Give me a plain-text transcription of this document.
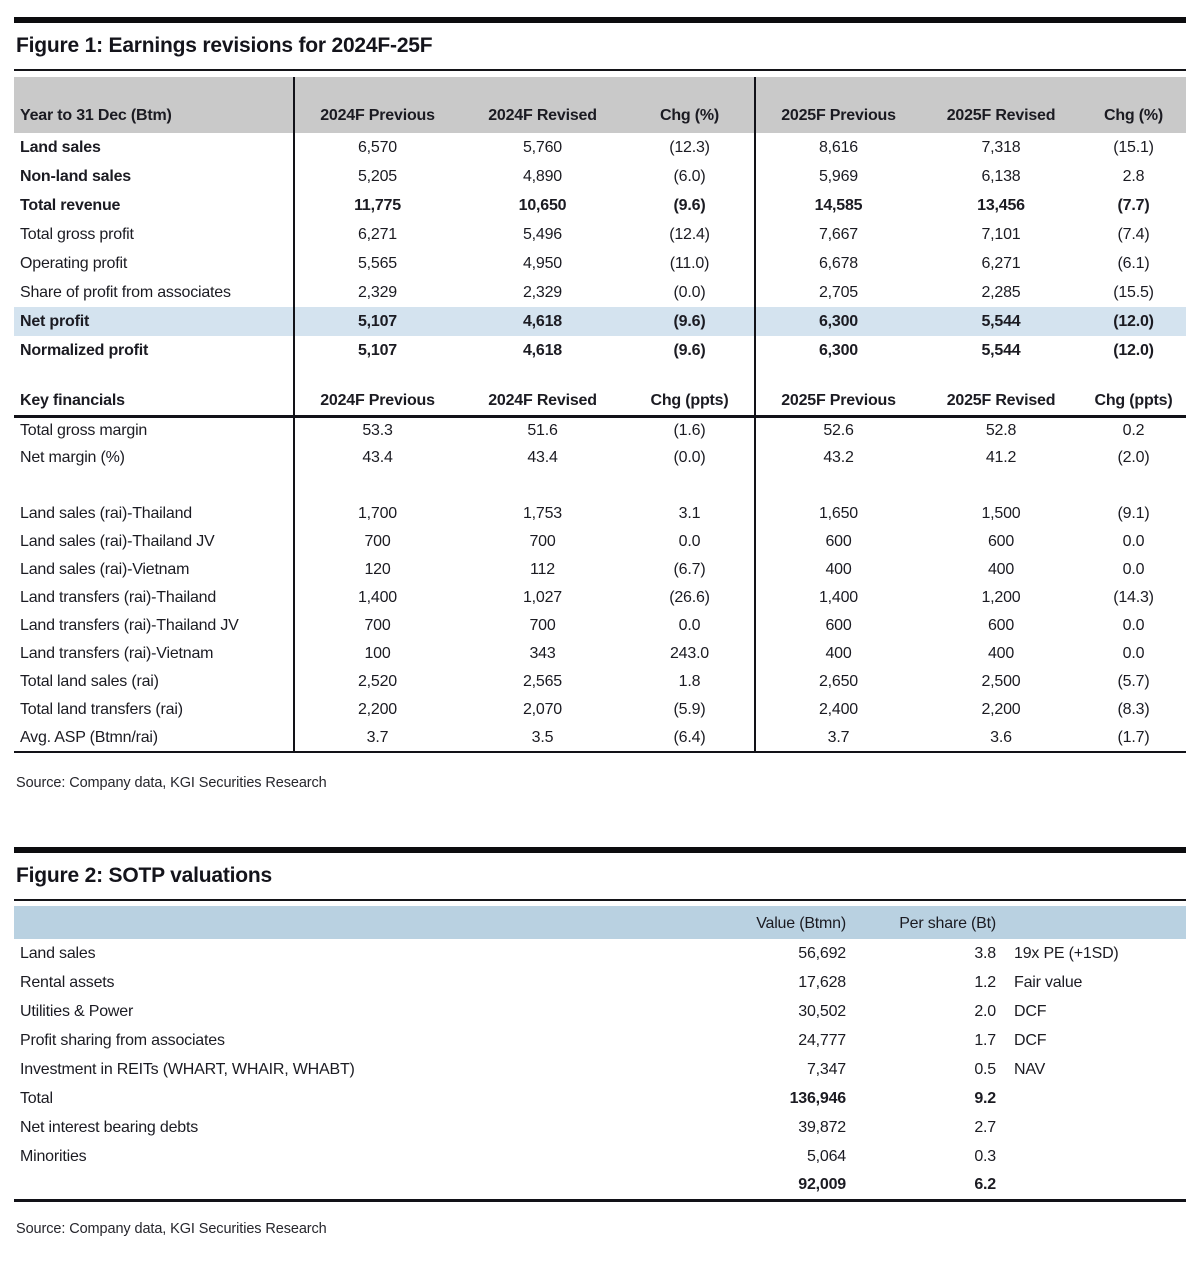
Figure 1: Earnings revisions for 2024F-25F
Year to 31 Dec (Btm)	2024F Previous	2024F Revised	Chg (%)	2025F Previous	2025F Revised	Chg (%)
Land sales	6,570	5,760	(12.3)	8,616	7,318	(15.1)
Non-land sales	5,205	4,890	(6.0)	5,969	6,138	2.8
Total revenue	11,775	10,650	(9.6)	14,585	13,456	(7.7)
Total gross profit	6,271	5,496	(12.4)	7,667	7,101	(7.4)
Operating profit	5,565	4,950	(11.0)	6,678	6,271	(6.1)
Share of profit from associates	2,329	2,329	(0.0)	2,705	2,285	(15.5)
Net profit	5,107	4,618	(9.6)	6,300	5,544	(12.0)
Normalized profit	5,107	4,618	(9.6)	6,300	5,544	(12.0)

Key financials	2024F Previous	2024F Revised	Chg (ppts)	2025F Previous	2025F Revised	Chg (ppts)
Total gross margin	53.3	51.6	(1.6)	52.6	52.8	0.2
Net margin (%)	43.4	43.4	(0.0)	43.2	41.2	(2.0)

Land sales (rai)-Thailand	1,700	1,753	3.1	1,650	1,500	(9.1)
Land sales (rai)-Thailand JV	700	700	0.0	600	600	0.0
Land sales (rai)-Vietnam	120	112	(6.7)	400	400	0.0
Land transfers (rai)-Thailand	1,400	1,027	(26.6)	1,400	1,200	(14.3)
Land transfers (rai)-Thailand JV	700	700	0.0	600	600	0.0
Land transfers (rai)-Vietnam	100	343	243.0	400	400	0.0
Total land sales (rai)	2,520	2,565	1.8	2,650	2,500	(5.7)
Total land transfers (rai)	2,200	2,070	(5.9)	2,400	2,200	(8.3)
Avg. ASP (Btmn/rai)	3.7	3.5	(6.4)	3.7	3.6	(1.7)
Source: Company data, KGI Securities Research
Figure 2: SOTP valuations
	Value (Btmn)	Per share (Bt)	
Land sales	56,692	3.8	19x PE (+1SD)
Rental assets	17,628	1.2	Fair value
Utilities & Power	30,502	2.0	DCF
Profit sharing from associates	24,777	1.7	DCF
Investment in REITs (WHART, WHAIR, WHABT)	7,347	0.5	NAV
Total	136,946	9.2	
Net interest bearing debts	39,872	2.7	
Minorities	5,064	0.3	
	92,009	6.2	
Source: Company data, KGI Securities Research
